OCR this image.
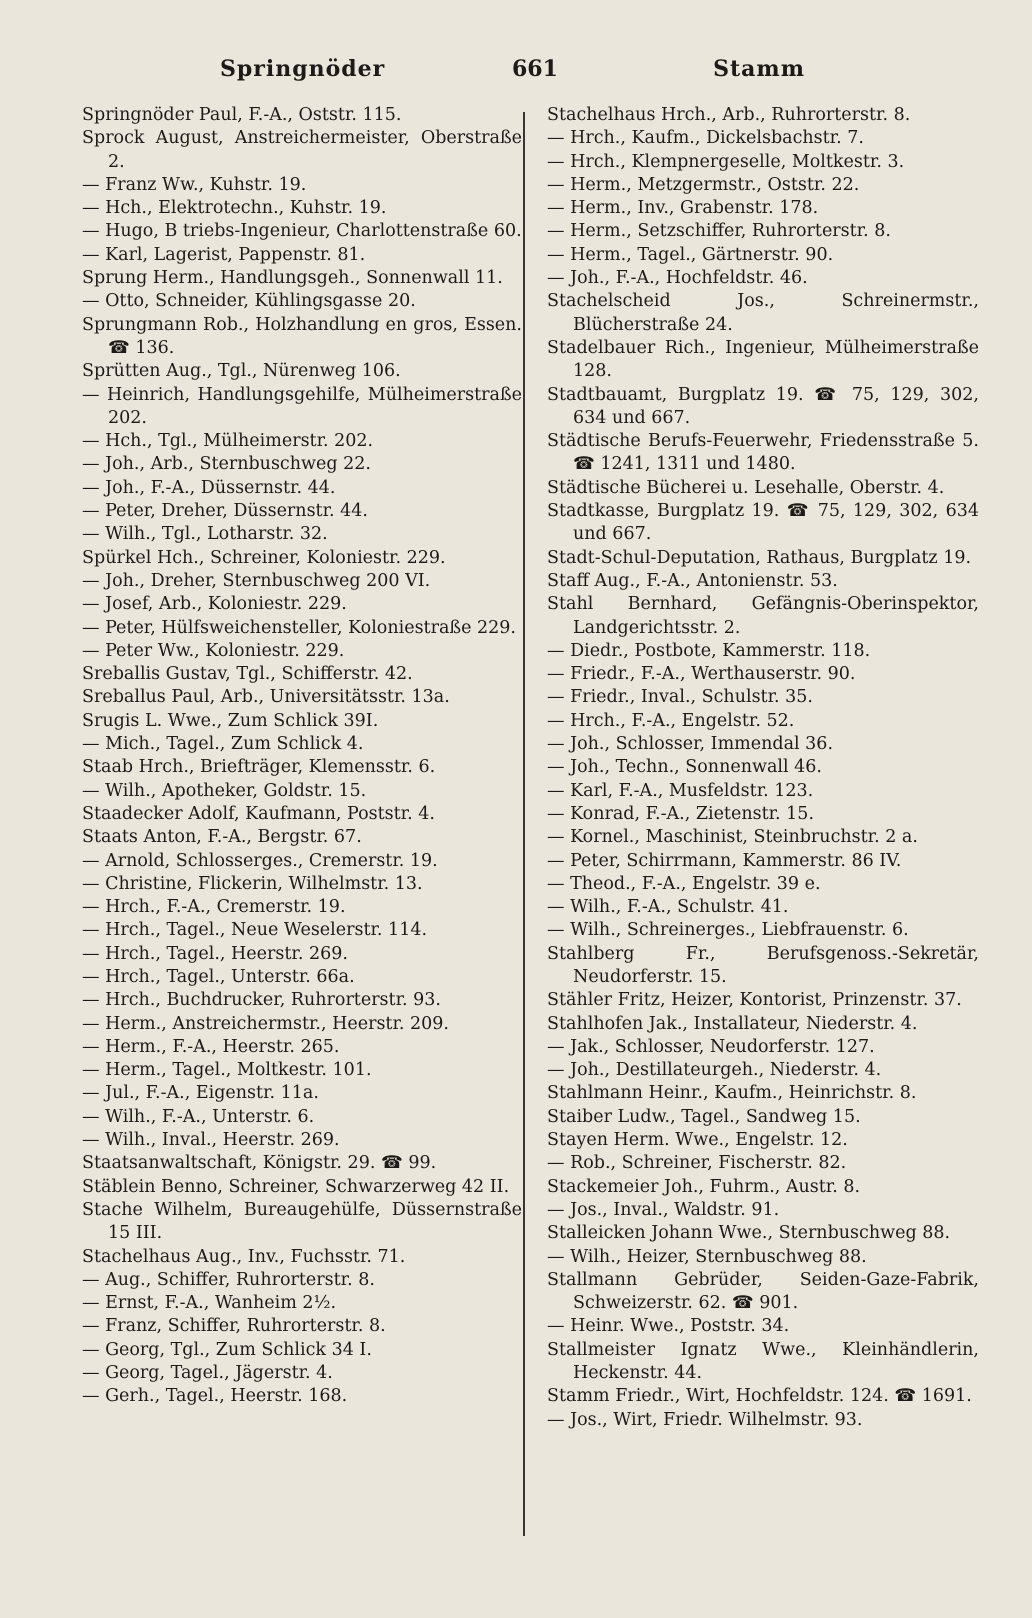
Springnöder	661	Stamm

Springnöder Paul, F.-A., Oststr. 115.

Sprock August, Anstreichermeister, Oberstraße 2.

— Franz Ww., Kuhstr. 19.

— Hch., Elektrotechn., Kuhstr. 19.

— Hugo, B triebs-Ingenieur, Charlottenstraße 60.

— Karl, Lagerist, Pappenstr. 81.

Sprung Herm., Handlungsgeh., Sonnenwall 11.

— Otto, Schneider, Kühlingsgasse 20.

Sprungmann Rob., Holzhandlung en gros, Essen. ☎ 136.

Sprütten Aug., Tgl., Nürenweg 106.

— Heinrich, Handlungsgehilfe, Mülheimerstraße 202.

— Hch., Tgl., Mülheimerstr. 202.

— Joh., Arb., Sternbuschweg 22.

— Joh., F.-A., Düssernstr. 44.

— Peter, Dreher, Düssernstr. 44.

— Wilh., Tgl., Lotharstr. 32.

Spürkel Hch., Schreiner, Koloniestr. 229.

— Joh., Dreher, Sternbuschweg 200 VI.

— Josef, Arb., Koloniestr. 229.

— Peter, Hülfsweichensteller, Koloniestraße 229.

— Peter Ww., Koloniestr. 229.

Sreballis Gustav, Tgl., Schifferstr. 42.

Sreballus Paul, Arb., Universitätsstr. 13a.

Srugis L. Wwe., Zum Schlick 39I.

— Mich., Tagel., Zum Schlick 4.

Staab Hrch., Briefträger, Klemensstr. 6.

— Wilh., Apotheker, Goldstr. 15.

Staadecker Adolf, Kaufmann, Poststr. 4.

Staats Anton, F.-A., Bergstr. 67.

— Arnold, Schlosserges., Cremerstr. 19.

— Christine, Flickerin, Wilhelmstr. 13.

— Hrch., F.-A., Cremerstr. 19.

— Hrch., Tagel., Neue Weselerstr. 114.

— Hrch., Tagel., Heerstr. 269.

— Hrch., Tagel., Unterstr. 66a.

— Hrch., Buchdrucker, Ruhrorterstr. 93.

— Herm., Anstreichermstr., Heerstr. 209.

— Herm., F.-A., Heerstr. 265.

— Herm., Tagel., Moltkestr. 101.

— Jul., F.-A., Eigenstr. 11a.

— Wilh., F.-A., Unterstr. 6.

— Wilh., Inval., Heerstr. 269.

Staatsanwaltschaft, Königstr. 29. ☎ 99.

Stäblein Benno, Schreiner, Schwarzerweg 42 II.

Stache Wilhelm, Bureaugehülfe, Düssernstraße 15 III.

Stachelhaus Aug., Inv., Fuchsstr. 71.

— Aug., Schiffer, Ruhrorterstr. 8.

— Ernst, F.-A., Wanheim 2½.

— Franz, Schiffer, Ruhrorterstr. 8.

— Georg, Tgl., Zum Schlick 34 I.

— Georg, Tagel., Jägerstr. 4.

— Gerh., Tagel., Heerstr. 168.

Stachelhaus Hrch., Arb., Ruhrorterstr. 8.

— Hrch., Kaufm., Dickelsbachstr. 7.

— Hrch., Klempnergeselle, Moltkestr. 3.

— Herm., Metzgermstr., Oststr. 22.

— Herm., Inv., Grabenstr. 178.

— Herm., Setzschiffer, Ruhrorterstr. 8.

— Herm., Tagel., Gärtnerstr. 90.

— Joh., F.-A., Hochfeldstr. 46.

Stachelscheid Jos., Schreinermstr., Blücherstraße 24.

Stadelbauer Rich., Ingenieur, Mülheimerstraße 128.

Stadtbauamt, Burgplatz 19. ☎ 75, 129, 302, 634 und 667.

Städtische Berufs-Feuerwehr, Friedensstraße 5. ☎ 1241, 1311 und 1480.

Städtische Bücherei u. Lesehalle, Oberstr. 4.

Stadtkasse, Burgplatz 19. ☎ 75, 129, 302, 634 und 667.

Stadt-Schul-Deputation, Rathaus, Burgplatz 19.

Staff Aug., F.-A., Antonienstr. 53.

Stahl Bernhard, Gefängnis-Oberinspektor, Landgerichtsstr. 2.

— Diedr., Postbote, Kammerstr. 118.

— Friedr., F.-A., Werthauserstr. 90.

— Friedr., Inval., Schulstr. 35.

— Hrch., F.-A., Engelstr. 52.

— Joh., Schlosser, Immendal 36.

— Joh., Techn., Sonnenwall 46.

— Karl, F.-A., Musfeldstr. 123.

— Konrad, F.-A., Zietenstr. 15.

— Kornel., Maschinist, Steinbruchstr. 2 a.

— Peter, Schirrmann, Kammerstr. 86 IV.

— Theod., F.-A., Engelstr. 39 e.

— Wilh., F.-A., Schulstr. 41.

— Wilh., Schreinerges., Liebfrauenstr. 6.

Stahlberg Fr., Berufsgenoss.-Sekretär, Neudorferstr. 15.

Stähler Fritz, Heizer, Kontorist, Prinzenstr. 37.

Stahlhofen Jak., Installateur, Niederstr. 4.

— Jak., Schlosser, Neudorferstr. 127.

— Joh., Destillateurgeh., Niederstr. 4.

Stahlmann Heinr., Kaufm., Heinrichstr. 8.

Staiber Ludw., Tagel., Sandweg 15.

Stayen Herm. Wwe., Engelstr. 12.

— Rob., Schreiner, Fischerstr. 82.

Stackemeier Joh., Fuhrm., Austr. 8.

— Jos., Inval., Waldstr. 91.

Stalleicken Johann Wwe., Sternbuschweg 88.

— Wilh., Heizer, Sternbuschweg 88.

Stallmann Gebrüder, Seiden-Gaze-Fabrik, Schweizerstr. 62. ☎ 901.

— Heinr. Wwe., Poststr. 34.

Stallmeister Ignatz Wwe., Kleinhändlerin, Heckenstr. 44.

Stamm Friedr., Wirt, Hochfeldstr. 124. ☎ 1691.

— Jos., Wirt, Friedr. Wilhelmstr. 93.
